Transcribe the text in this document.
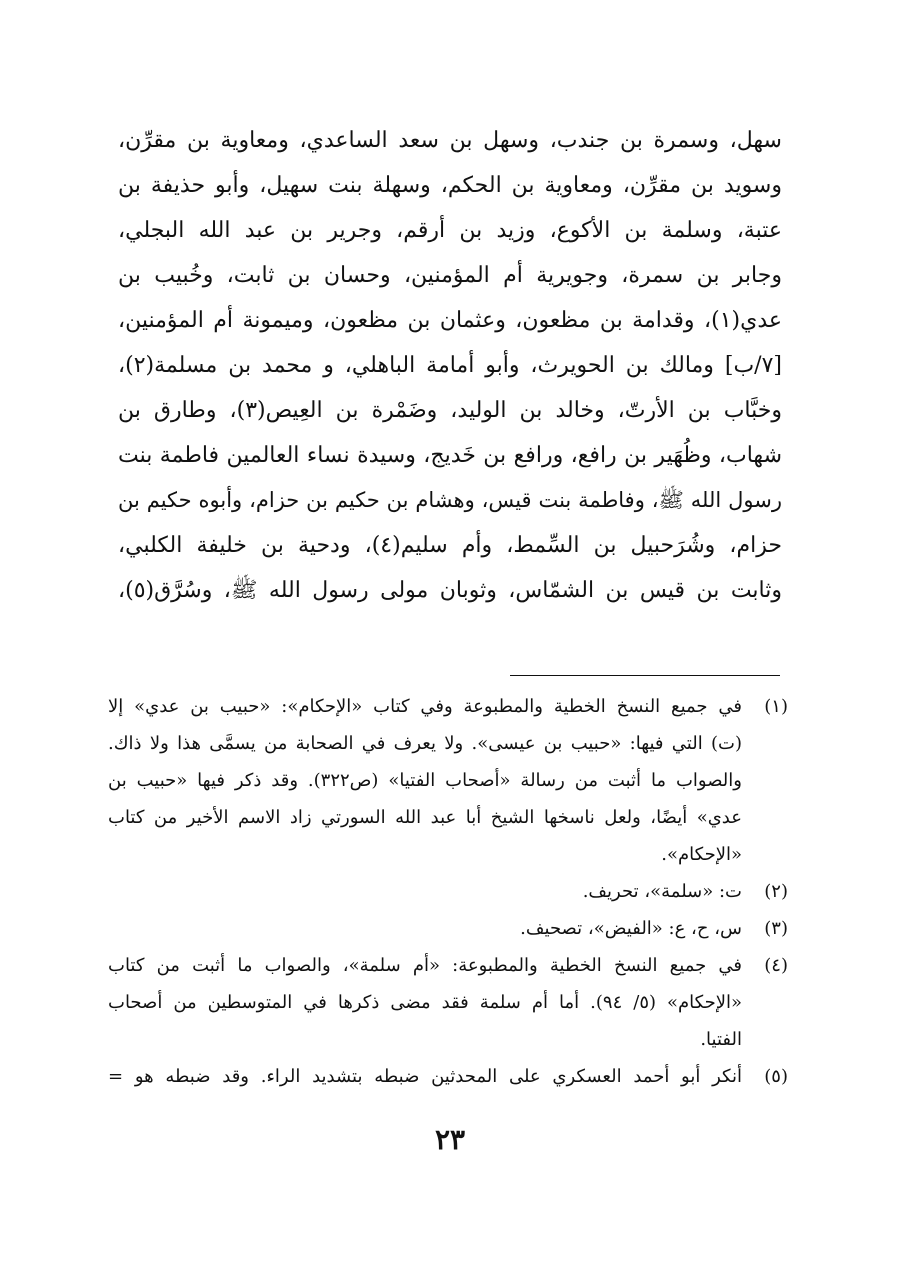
سهل، وسمرة بن جندب، وسهل بن سعد الساعدي، ومعاوية بن مقرِّن،
وسويد بن مقرِّن، ومعاوية بن الحكم، وسهلة بنت سهيل، وأبو حذيفة بن
عتبة، وسلمة بن الأكوع، وزيد بن أرقم، وجرير بن عبد الله البجلي،
وجابر بن سمرة، وجويرية أم المؤمنين، وحسان بن ثابت، وخُبيب بن
عدي(١)، وقدامة بن مظعون، وعثمان بن مظعون، وميمونة أم المؤمنين،
[٧/ب] ومالك بن الحويرث، وأبو أمامة الباهلي، و محمد بن مسلمة(٢)،
وخبَّاب بن الأرتّ، وخالد بن الوليد، وضَمْرة بن العِيص(٣)، وطارق بن
شهاب، وظُهَير بن رافع، ورافع بن خَديج، وسيدة نساء العالمين فاطمة بنت
رسول الله ﷺ، وفاطمة بنت قيس، وهشام بن حكيم بن حزام، وأبوه حكيم بن
حزام، وشُرَحبيل بن السِّمط، وأم سليم(٤)، ودحية بن خليفة الكلبي،
وثابت بن قيس بن الشمّاس، وثوبان مولى رسول الله ﷺ، وسُرَّق(٥)،
(١)
في جميع النسخ الخطية والمطبوعة وفي كتاب «الإحكام»: «حبيب بن عدي» إلا
(ت) التي فيها: «حبيب بن عيسى». ولا يعرف في الصحابة من يسمَّى هذا ولا ذاك.
والصواب ما أثبت من رسالة «أصحاب الفتيا» (ص٣٢٢). وقد ذكر فيها «حبيب بن
عدي» أيضًا، ولعل ناسخها الشيخ أبا عبد الله السورتي زاد الاسم الأخير من كتاب
«الإحكام».
(٢)
ت: «سلمة»، تحريف.
(٣)
س، ح، ع: «الفيض»، تصحيف.
(٤)
في جميع النسخ الخطية والمطبوعة: «أم سلمة»، والصواب ما أثبت من كتاب
«الإحكام» (٥/ ٩٤). أما أم سلمة فقد مضى ذكرها في المتوسطين من أصحاب
الفتيا.
(٥)
أنكر أبو أحمد العسكري على المحدثين ضبطه بتشديد الراء. وقد ضبطه هو =
٢٣
